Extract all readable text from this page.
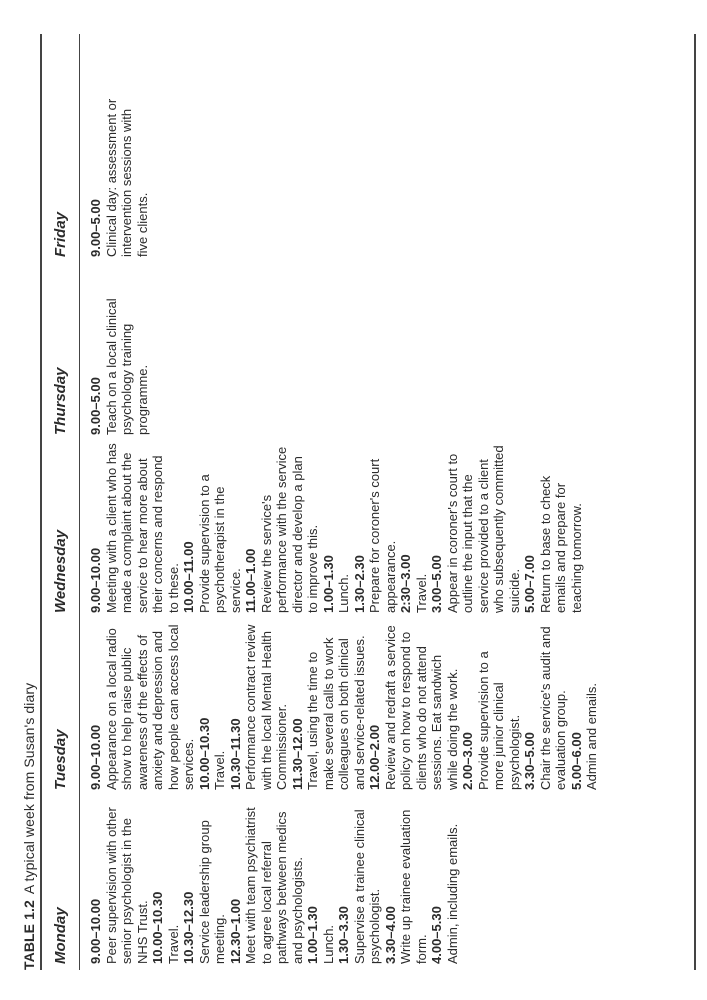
TABLE 1.2A typical week from Susan's diary
Monday
Tuesday
Wednesday
Thursday
Friday
9.00–10.00 Peer supervision with other senior psychologist in the NHS Trust. 10.00–10.30 Travel. 10.30–12.30 Service leadership group meeting. 12.30–1.00 Meet with team psychiatrist to agree local referral pathways between medics and psychologists. 1.00–1.30 Lunch. 1.30–3.30 Supervise a trainee clinical psychologist. 3.30–4.00 Write up trainee evaluation form. 4.00–5.30 Admin, including emails.
9.00–10.00 Appearance on a local radio show to help raise public awareness of the effects of anxiety and depression and how people can access local services. 10.00–10.30 Travel. 10.30–11.30 Performance contract review with the local Mental Health Commissioner. 11.30–12.00 Travel, using the time to make several calls to work colleagues on both clinical and service-related issues. 12.00–2.00 Review and redraft a service policy on how to respond to clients who do not attend sessions. Eat sandwich while doing the work. 2.00–3.00 Provide supervision to a more junior clinical psychologist. 3.30–5.00 Chair the service's audit and evaluation group. 5.00–6.00 Admin and emails.
9.00–10.00 Meeting with a client who has made a complaint about the service to hear more about their concerns and respond to these. 10.00–11.00 Provide supervision to a psychotherapist in the service. 11.00–1.00 Review the service's performance with the service director and develop a plan to improve this. 1.00–1.30 Lunch. 1.30–2.30 Prepare for coroner's court appearance. 2:30–3.00 Travel. 3.00–5.00 Appear in coroner's court to outline the input that the service provided to a client who subsequently committed suicide. 5.00–7.00 Return to base to check emails and prepare for teaching tomorrow.
9.00–5.00 Teach on a local clinical psychology training programme.
9.00–5.00 Clinical day: assessment or intervention sessions with five clients.
